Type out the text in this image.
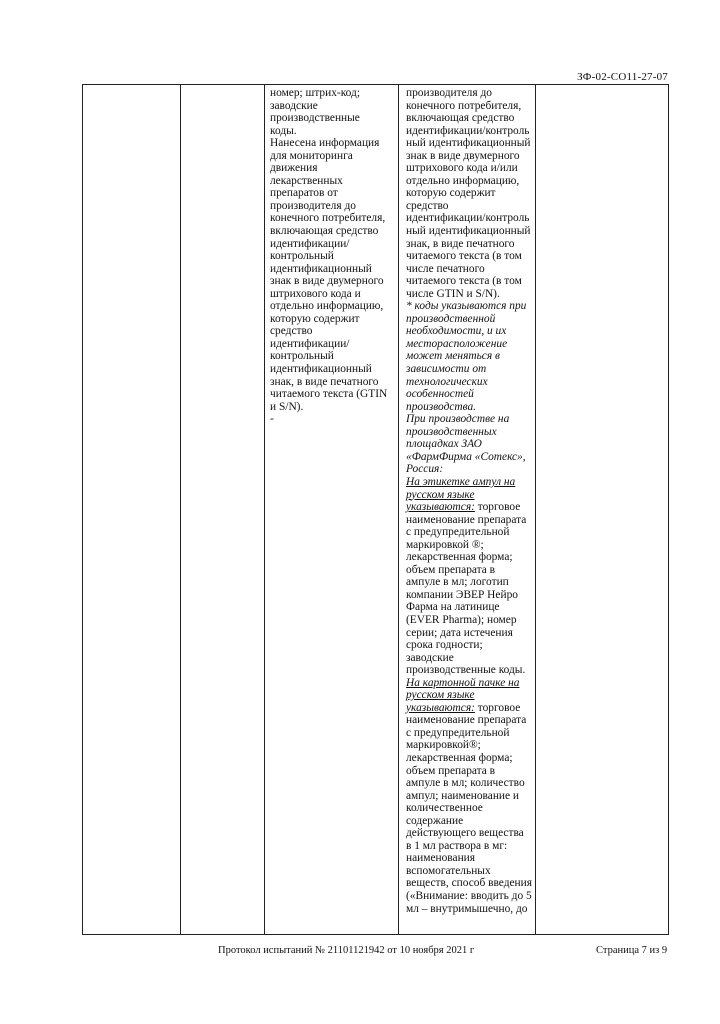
ЗФ-02-СО11-27-07
номер; штрих-код;
заводские
производственные
коды.
Нанесена информация
для мониторинга
движения
лекарственных
препаратов от
производителя до
конечного потребителя,
включающая средство
идентификации/
контрольный
идентификационный
знак в виде двумерного
штрихового кода и
отдельно информацию,
которую содержит
средство
идентификации/
контрольный
идентификационный
знак, в виде печатного
читаемого текста (GTIN
и S/N).
-
производителя до
конечного потребителя,
включающая средство
идентификации/контроль
ный идентификационный
знак в виде двумерного
штрихового кода и/или
отдельно информацию,
которую содержит
средство
идентификации/контроль
ный идентификационный
знак, в виде печатного
читаемого текста (в том
числе печатного
читаемого текста (в том
числе GTIN и S/N).
* коды указываются при
производственной
необходимости, и их
месторасположение
может меняться в
зависимости от
технологических
особенностей
производства.
При производстве на
производственных
площадках ЗАО
«ФармФирма «Сотекс»,
Россия:
На этикетке ампул на
русском языке
указываются: торговое
наименование препарата
с предупредительной
маркировкой ®;
лекарственная форма;
объем препарата в
ампуле в мл; логотип
компании ЭВЕР Нейро
Фарма на латинице
(EVER Pharma); номер
серии; дата истечения
срока годности;
заводские
производственные коды.
На картонной пачке на
русском языке
указываются: торговое
наименование препарата
с предупредительной
маркировкой®;
лекарственная форма;
объем препарата в
ампуле в мл; количество
ампул; наименование и
количественное
содержание
действующего вещества
в 1 мл раствора в мг:
наименования
вспомогательных
веществ, способ введения
(«Внимание: вводить до 5
мл – внутримышечно, до
Протокол испытаний № 21101121942 от 10 ноября 2021 г	Страница 7 из 9
